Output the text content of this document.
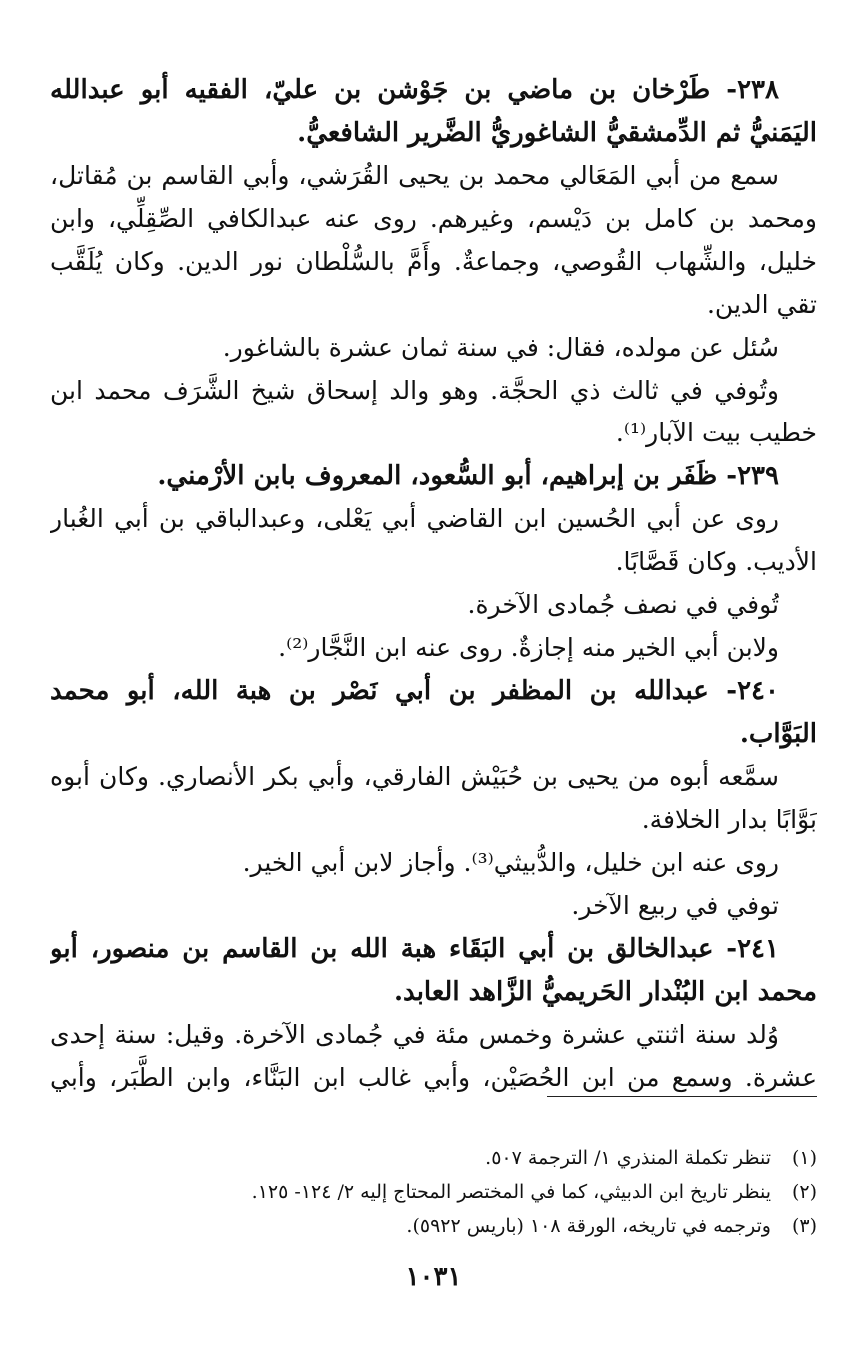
٢٣٨- طَرْخان بن ماضي بن جَوْشن بن عليّ، الفقيه أبو عبدالله
اليَمَنيُّ ثم الدِّمشقيُّ الشاغوريُّ الضَّرير الشافعيُّ.
سمع من أبي المَعَالي محمد بن يحيى القُرَشي، وأبي القاسم بن مُقاتل،
ومحمد بن كامل بن دَيْسم، وغيرهم. روى عنه عبدالكافي الصِّقِلِّي، وابن
خليل، والشِّهاب القُوصي، وجماعةٌ. وأَمَّ بالسُّلْطان نور الدين. وكان يُلَقَّب
تقي الدين.
سُئل عن مولده، فقال: في سنة ثمان عشرة بالشاغور.
وتُوفي في ثالث ذي الحجَّة. وهو والد إسحاق شيخ الشَّرَف محمد ابن
خطيب بيت الآبار⁽¹⁾.
٢٣٩- ظَفَر بن إبراهيم، أبو السُّعود، المعروف بابن الأرْمني.
روى عن أبي الحُسين ابن القاضي أبي يَعْلى، وعبدالباقي بن أبي الغُبار
الأديب. وكان قَصَّابًا.
تُوفي في نصف جُمادى الآخرة.
ولابن أبي الخير منه إجازةٌ. روى عنه ابن النَّجَّار⁽²⁾.
٢٤٠- عبدالله بن المظفر بن أبي نَصْر بن هبة الله، أبو محمد
البَوَّاب.
سمَّعه أبوه من يحيى بن حُبَيْش الفارقي، وأبي بكر الأنصاري. وكان أبوه
بَوَّابًا بدار الخلافة.
روى عنه ابن خليل، والدُّبيثي⁽³⁾. وأجاز لابن أبي الخير.
توفي في ربيع الآخر.
٢٤١- عبدالخالق بن أبي البَقَاء هبة الله بن القاسم بن منصور، أبو
محمد ابن البُنْدار الحَريميُّ الزَّاهد العابد.
وُلد سنة اثنتي عشرة وخمس مئة في جُمادى الآخرة. وقيل: سنة إحدى
عشرة. وسمع من ابن الحُصَيْن، وأبي غالب ابن البَنَّاء، وابن الطَّبَر، وأبي
(١)تنظر تكملة المنذري ١/ الترجمة ٥٠٧.
(٢)ينظر تاريخ ابن الدبيثي، كما في المختصر المحتاج إليه ٢/ ١٢٤- ١٢٥.
(٣)وترجمه في تاريخه، الورقة ١٠٨ (باريس ٥٩٢٢).
١٠٣١
